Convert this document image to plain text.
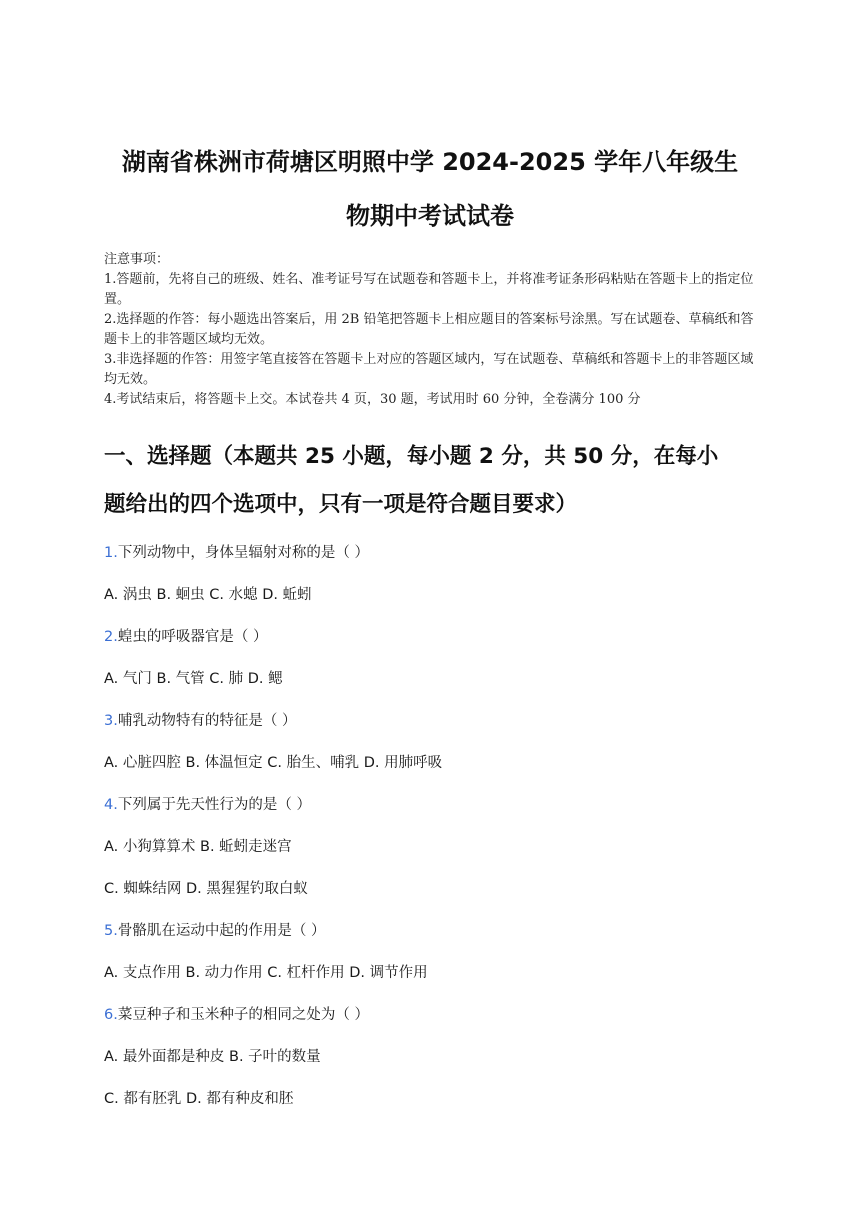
湖南省株洲市荷塘区明照中学 2024-2025 学年八年级生
物期中考试试卷

注意事项：

1.答题前，先将自己的班级、姓名、准考证号写在试题卷和答题卡上，并将准考证条形码粘贴在答题卡上的指定位置。

2.选择题的作答：每小题选出答案后，用 2B 铅笔把答题卡上相应题目的答案标号涂黑。写在试题卷、草稿纸和答题卡上的非答题区域均无效。

3.非选择题的作答：用签字笔直接答在答题卡上对应的答题区域内，写在试题卷、草稿纸和答题卡上的非答题区域均无效。

4.考试结束后，将答题卡上交。本试卷共 4 页，30 题，考试用时 60 分钟，全卷满分 100 分

一、选择题（本题共 25 小题，每小题 2 分，共 50 分，在每小
题给出的四个选项中，只有一项是符合题目要求）
1.下列动物中，身体呈辐射对称的是（ ）
A. 涡虫 B. 蛔虫 C. 水螅 D. 蚯蚓
2.蝗虫的呼吸器官是（ ）
A. 气门 B. 气管 C. 肺 D. 鳃
3.哺乳动物特有的特征是（ ）
A. 心脏四腔 B. 体温恒定 C. 胎生、哺乳 D. 用肺呼吸
4.下列属于先天性行为的是（ ）
A. 小狗算算术 B. 蚯蚓走迷宫
C. 蜘蛛结网 D. 黑猩猩钓取白蚁
5.骨骼肌在运动中起的作用是（ ）
A. 支点作用 B. 动力作用 C. 杠杆作用 D. 调节作用
6.菜豆种子和玉米种子的相同之处为（ ）
A. 最外面都是种皮 B. 子叶的数量
C. 都有胚乳 D. 都有种皮和胚
